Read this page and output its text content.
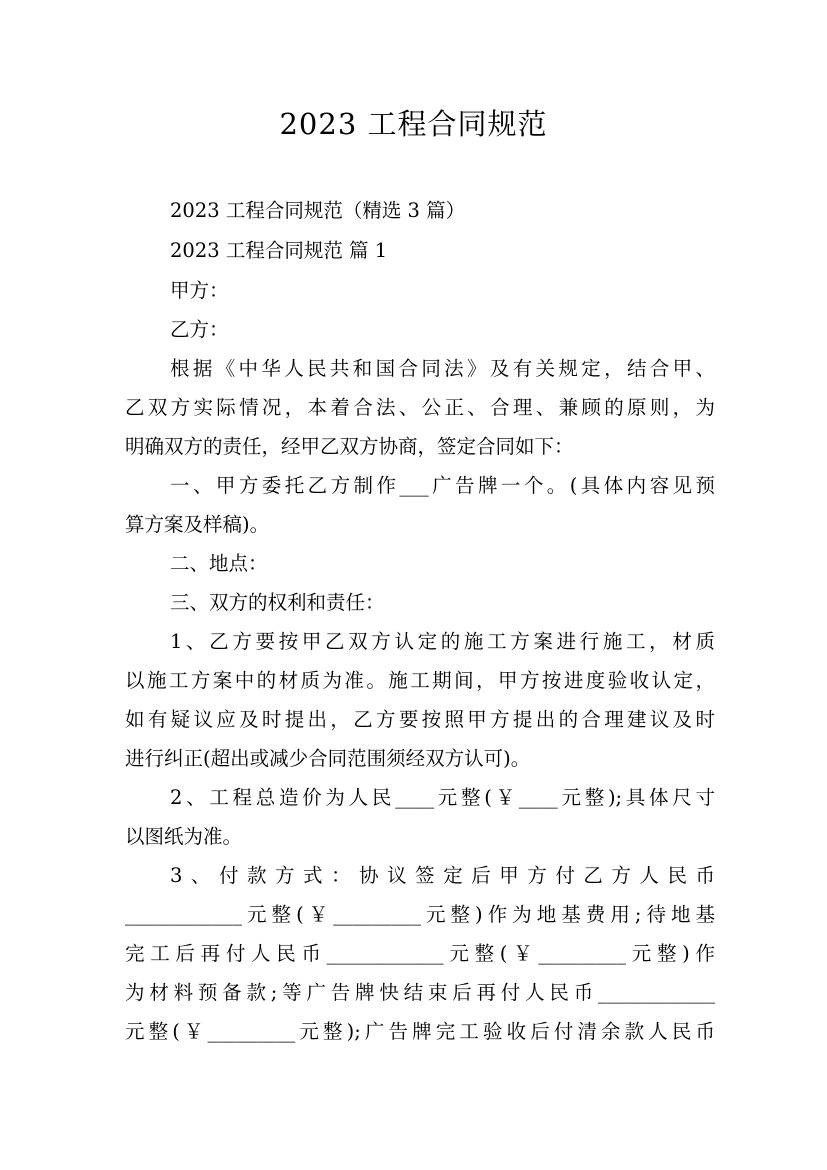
2023 工程合同规范
2023 工程合同规范（精选 3 篇）
2023 工程合同规范 篇 1
甲方：
乙方：
根据《中华人民共和国合同法》及有关规定，结合甲、
乙双方实际情况，本着合法、公正、合理、兼顾的原则，为
明确双方的责任，经甲乙双方协商，签定合同如下：
一、甲方委托乙方制作___广告牌一个。(具体内容见预
算方案及样稿)。
二、地点：
三、双方的权利和责任：
1、乙方要按甲乙双方认定的施工方案进行施工，材质
以施工方案中的材质为准。施工期间，甲方按进度验收认定，
如有疑议应及时提出，乙方要按照甲方提出的合理建议及时
进行纠正(超出或减少合同范围须经双方认可)。
2、工程总造价为人民____元整(￥____元整);具体尺寸
以图纸为准。
3、付款方式：协议签定后甲方付乙方人民币
____________元整(￥_________元整)作为地基费用;待地基
完工后再付人民币____________元整(￥_________元整)作
为材料预备款;等广告牌快结束后再付人民币____________
元整(￥_________元整);广告牌完工验收后付清余款人民币
